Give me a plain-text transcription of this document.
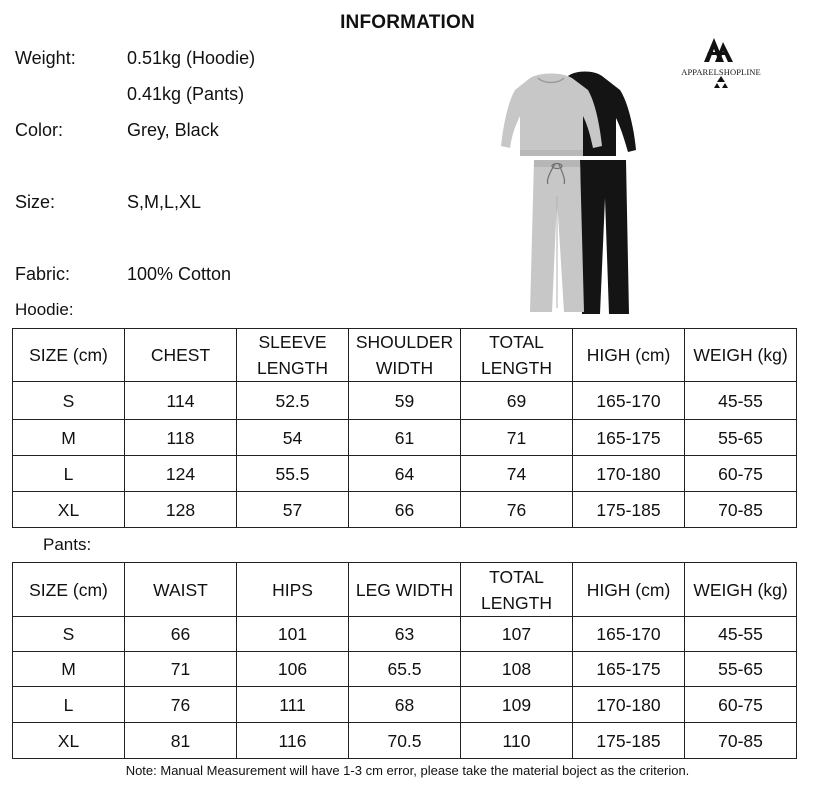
INFORMATION
Weight:	0.51kg (Hoodie)
0.41kg (Pants)
Color:	Grey, Black
Size:	S,M,L,XL
Fabric:	100% Cotton
APPARELSHOPLINE
Hoodie:
SIZE (cm)	CHEST	SLEEVE LENGTH	SHOULDER WIDTH	TOTAL LENGTH	HIGH (cm)	WEIGH (kg)
S	114	52.5	59	69	165-170	45-55
M	118	54	61	71	165-175	55-65
L	124	55.5	64	74	170-180	60-75
XL	128	57	66	76	175-185	70-85
Pants:
SIZE (cm)	WAIST	HIPS	LEG WIDTH	TOTAL LENGTH	HIGH (cm)	WEIGH (kg)
S	66	101	63	107	165-170	45-55
M	71	106	65.5	108	165-175	55-65
L	76	111	68	109	170-180	60-75
XL	81	116	70.5	110	175-185	70-85
Note: Manual Measurement will have 1-3 cm error, please take the material boject as the criterion.
